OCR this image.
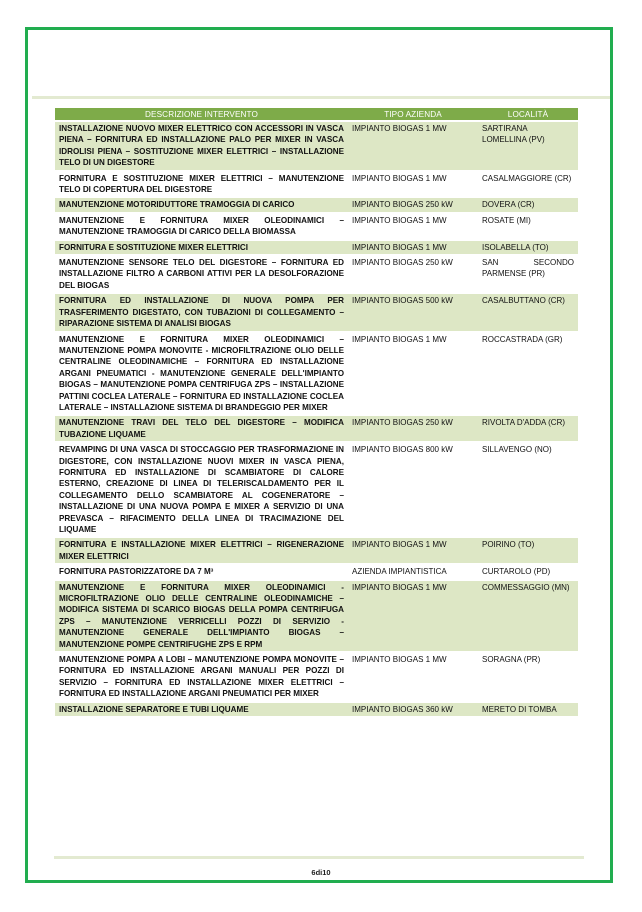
DESCRIZIONE INTERVENTO	TIPO AZIENDA	LOCALITÀ
INSTALLAZIONE NUOVO MIXER ELETTRICO CON ACCESSORI IN VASCA PIENA – FORNITURA ED INSTALLAZIONE PALO PER MIXER IN VASCA IDROLISI PIENA – SOSTITUZIONE MIXER ELETTRICI – INSTALLAZIONE TELO DI UN DIGESTORE	IMPIANTO BIOGAS 1 MW	SARTIRANA LOMELLINA (PV)
FORNITURA E SOSTITUZIONE MIXER ELETTRICI – MANUTENZIONE TELO DI COPERTURA DEL DIGESTORE	IMPIANTO BIOGAS 1 MW	CASALMAGGIORE (CR)
MANUTENZIONE MOTORIDUTTORE TRAMOGGIA DI CARICO	IMPIANTO BIOGAS 250 kW	DOVERA (CR)
MANUTENZIONE E FORNITURA MIXER OLEODINAMICI – MANUTENZIONE TRAMOGGIA DI CARICO DELLA BIOMASSA	IMPIANTO BIOGAS 1 MW	ROSATE (MI)
FORNITURA E SOSTITUZIONE MIXER ELETTRICI	IMPIANTO BIOGAS 1 MW	ISOLABELLA (TO)
MANUTENZIONE SENSORE TELO DEL DIGESTORE – FORNITURA ED INSTALLAZIONE FILTRO A CARBONI ATTIVI PER LA DESOLFORAZIONE DEL BIOGAS	IMPIANTO BIOGAS 250 kW	SAN SECONDO PARMENSE (PR)
FORNITURA ED INSTALLAZIONE DI NUOVA POMPA PER TRASFERIMENTO DIGESTATO, CON TUBAZIONI DI COLLEGAMENTO – RIPARAZIONE SISTEMA DI ANALISI BIOGAS	IMPIANTO BIOGAS 500 kW	CASALBUTTANO (CR)
MANUTENZIONE E FORNITURA MIXER OLEODINAMICI – MANUTENZIONE POMPA MONOVITE - MICROFILTRAZIONE OLIO DELLE CENTRALINE OLEODINAMICHE – FORNITURA ED INSTALLAZIONE ARGANI PNEUMATICI - MANUTENZIONE GENERALE DELL'IMPIANTO BIOGAS – MANUTENZIONE POMPA CENTRIFUGA ZPS – INSTALLAZIONE PATTINI COCLEA LATERALE – FORNITURA ED INSTALLAZIONE COCLEA LATERALE – INSTALLAZIONE SISTEMA DI BRANDEGGIO PER MIXER	IMPIANTO BIOGAS 1 MW	ROCCASTRADA (GR)
MANUTENZIONE TRAVI DEL TELO DEL DIGESTORE – MODIFICA TUBAZIONE LIQUAME	IMPIANTO BIOGAS 250 kW	RIVOLTA D'ADDA (CR)
REVAMPING DI UNA VASCA DI STOCCAGGIO PER TRASFORMAZIONE IN DIGESTORE, CON INSTALLAZIONE NUOVI MIXER IN VASCA PIENA, FORNITURA ED INSTALLAZIONE DI SCAMBIATORE DI CALORE ESTERNO, CREAZIONE DI LINEA DI TELERISCALDAMENTO PER IL COLLEGAMENTO DELLO SCAMBIATORE AL COGENERATORE – INSTALLAZIONE DI UNA NUOVA POMPA E MIXER A SERVIZIO DI UNA PREVASCA – RIFACIMENTO DELLA LINEA DI TRACIMAZIONE DEL LIQUAME	IMPIANTO BIOGAS 800 kW	SILLAVENGO (NO)
FORNITURA E INSTALLAZIONE MIXER ELETTRICI – RIGENERAZIONE MIXER ELETTRICI	IMPIANTO BIOGAS 1 MW	POIRINO (TO)
FORNITURA PASTORIZZATORE DA 7 M³	AZIENDA IMPIANTISTICA	CURTAROLO (PD)
MANUTENZIONE E FORNITURA MIXER OLEODINAMICI - MICROFILTRAZIONE OLIO DELLE CENTRALINE OLEODINAMICHE – MODIFICA SISTEMA DI SCARICO BIOGAS DELLA POMPA CENTRIFUGA ZPS – MANUTENZIONE VERRICELLI POZZI DI SERVIZIO - MANUTENZIONE GENERALE DELL'IMPIANTO BIOGAS – MANUTENZIONE POMPE CENTRIFUGHE ZPS E RPM	IMPIANTO BIOGAS 1 MW	COMMESSAGGIO (MN)
MANUTENZIONE POMPA A LOBI – MANUTENZIONE POMPA MONOVITE – FORNITURA ED INSTALLAZIONE ARGANI MANUALI PER POZZI DI SERVIZIO – FORNITURA ED INSTALLAZIONE MIXER ELETTRICI – FORNITURA ED INSTALLAZIONE ARGANI PNEUMATICI PER MIXER	IMPIANTO BIOGAS 1 MW	SORAGNA (PR)
INSTALLAZIONE SEPARATORE E TUBI LIQUAME	IMPIANTO BIOGAS 360 kW	MERETO DI TOMBA
6di10
